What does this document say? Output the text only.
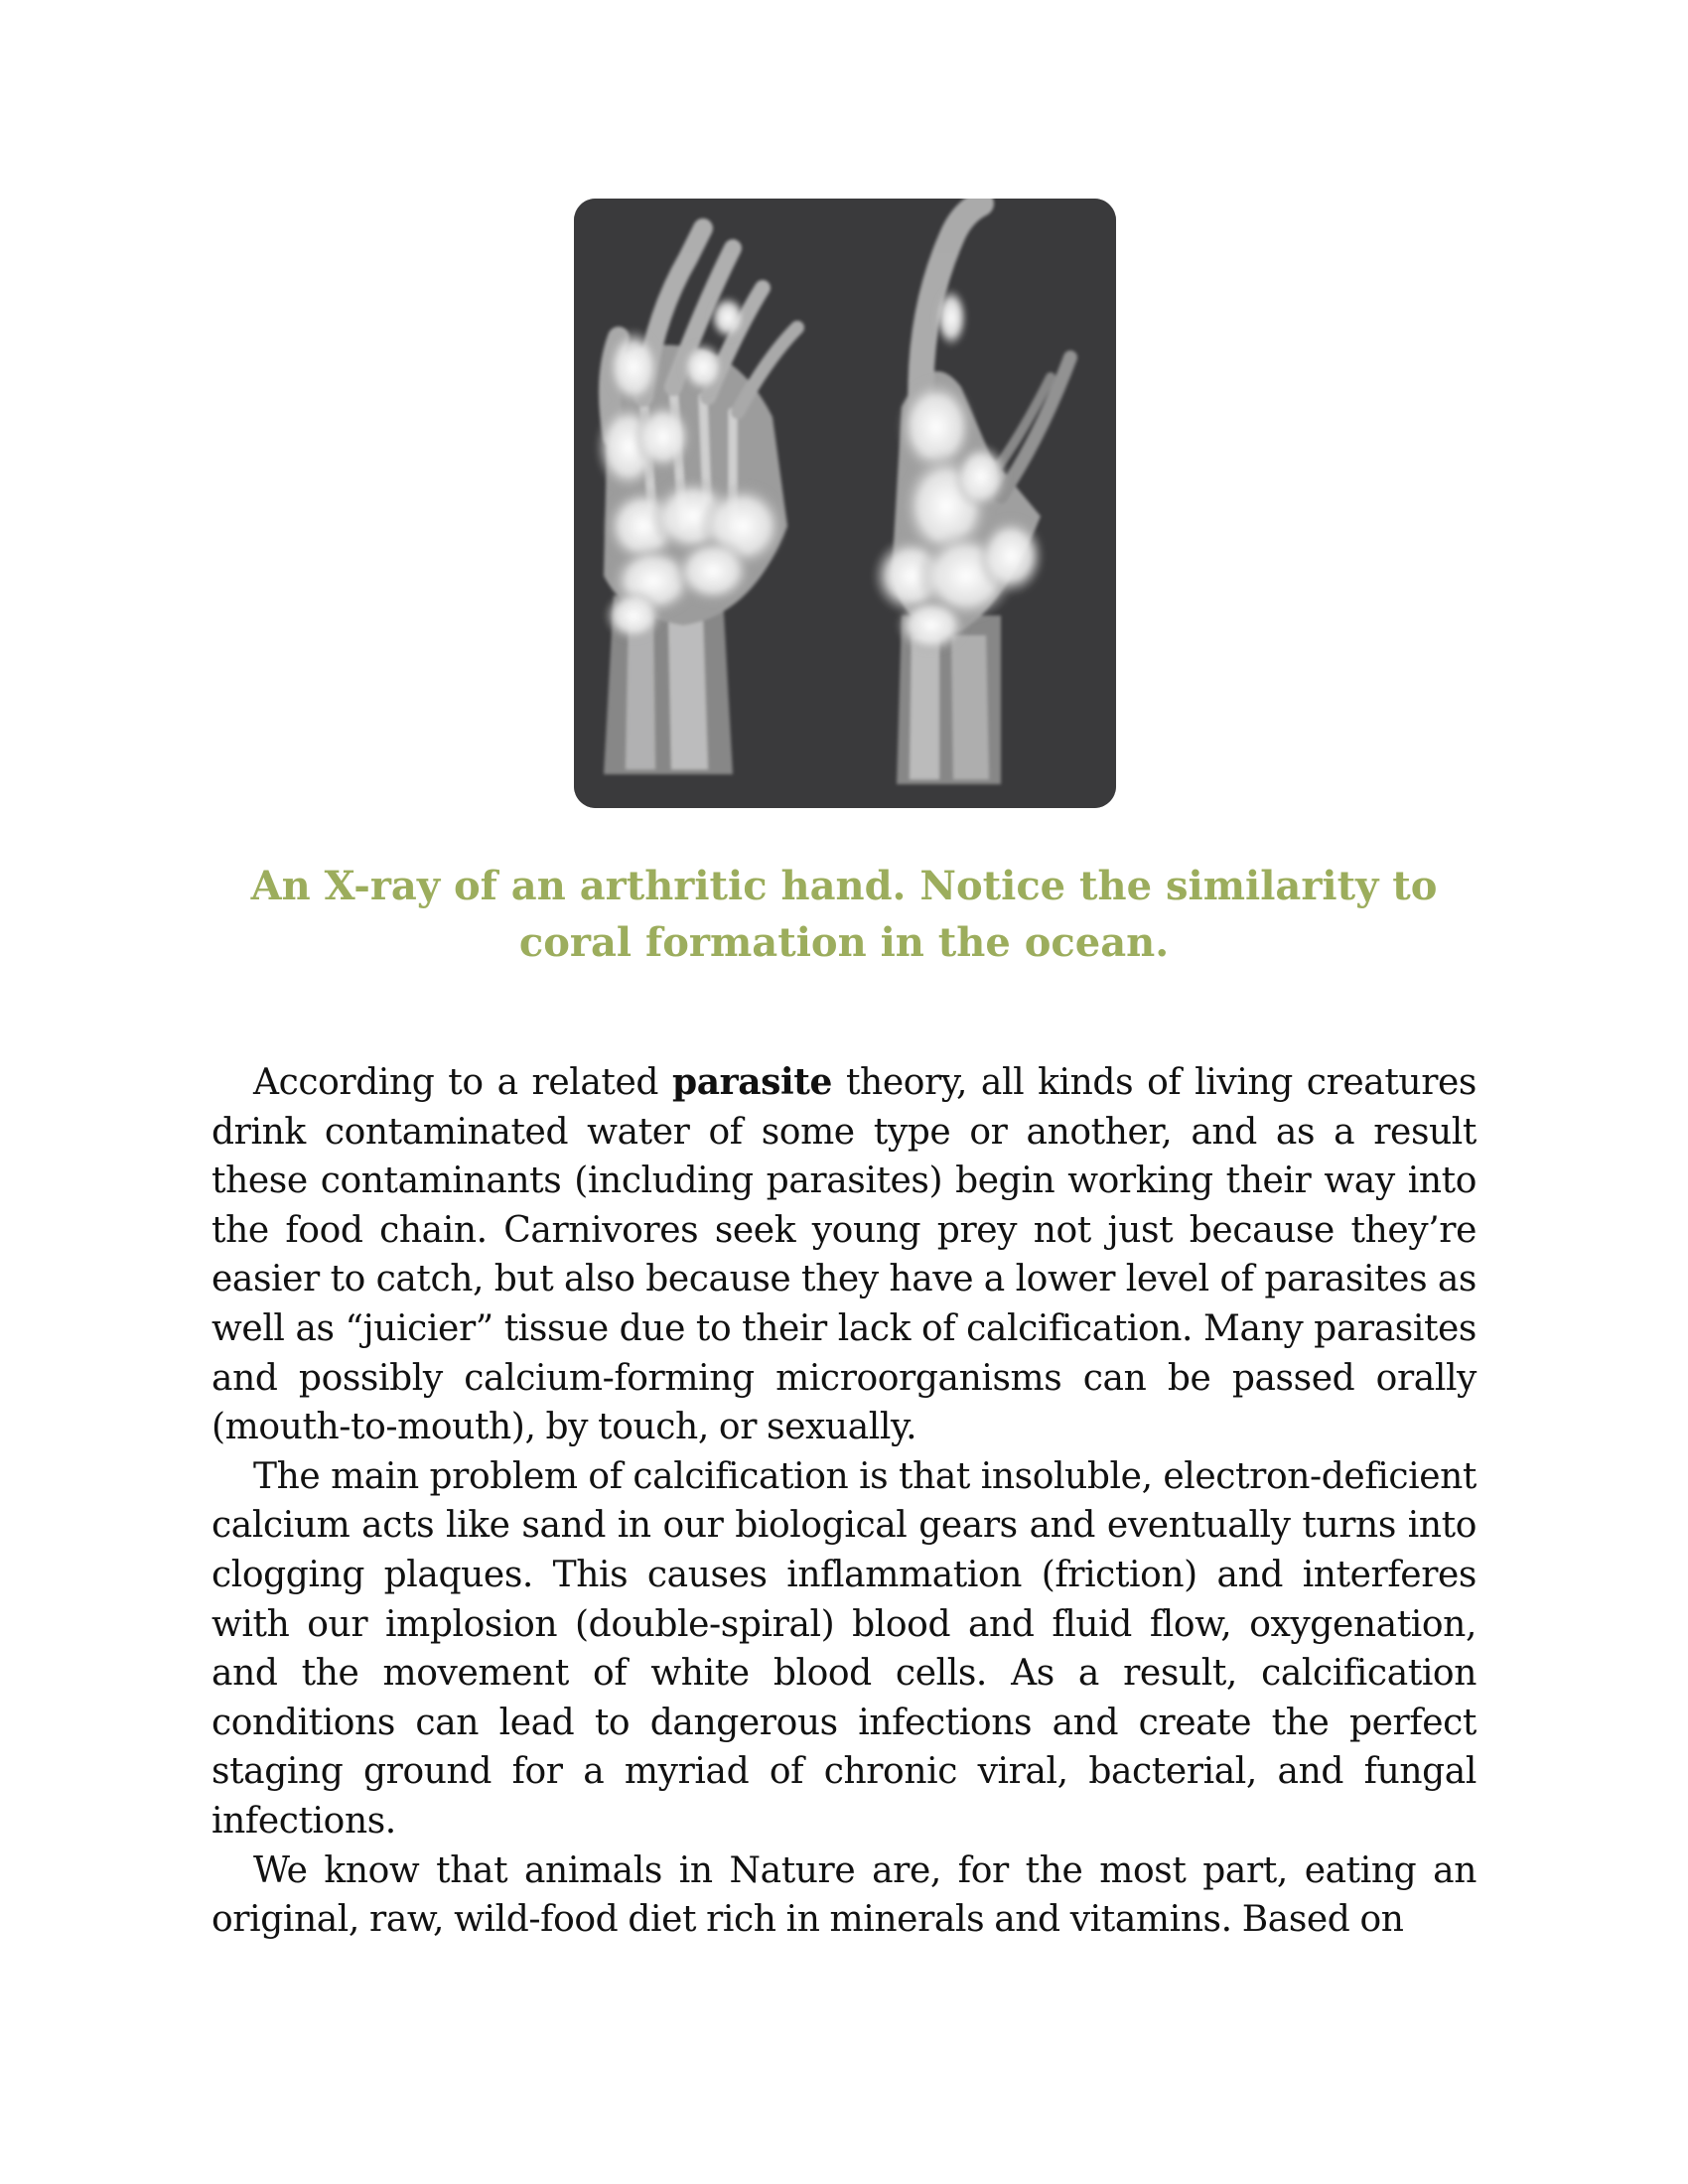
An X-ray of an arthritic hand. Notice the similarity to
coral formation in the ocean.

According to a related parasite theory, all kinds of living creatures drink contaminated water of some type or another, and as a result these contaminants (including parasites) begin working their way into the food chain. Carnivores seek young prey not just because they’re easier to catch, but also because they have a lower level of parasites as well as “juicier” tissue due to their lack of calcification. Many parasites and possibly calcium-forming microorganisms can be passed orally (mouth-to-mouth), by touch, or sexually.

The main problem of calcification is that insoluble, electron-deficient calcium acts like sand in our biological gears and eventually turns into clogging plaques. This causes inflammation (friction) and interferes with our implosion (double-spiral) blood and fluid flow, oxygenation, and the movement of white blood cells. As a result, calcification conditions can lead to dangerous infections and create the perfect staging ground for a myriad of chronic viral, bacterial, and fungal infections.

We know that animals in Nature are, for the most part, eating an original, raw, wild-food diet rich in minerals and vitamins. Based on
